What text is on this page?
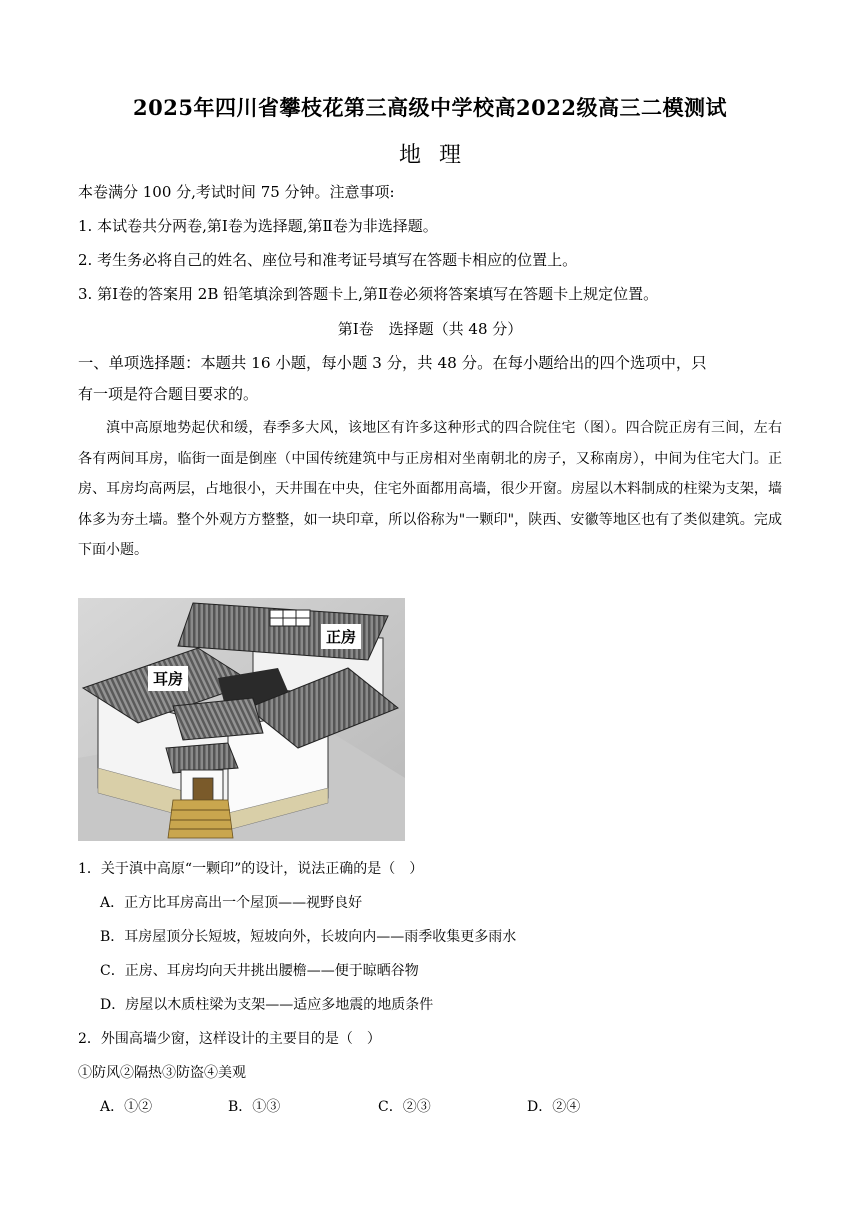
2025年四川省攀枝花第三高级中学校高2022级高三二模测试
地理
本卷满分 100 分,考试时间 75 分钟。注意事项:
1. 本试卷共分两卷,第Ⅰ卷为选择题,第Ⅱ卷为非选择题。
2. 考生务必将自己的姓名、座位号和准考证号填写在答题卡相应的位置上。
3. 第Ⅰ卷的答案用 2B 铅笔填涂到答题卡上,第Ⅱ卷必须将答案填写在答题卡上规定位置。
第Ⅰ卷　选择题（共 48 分）
一、单项选择题：本题共 16 小题，每小题 3 分，共 48 分。在每小题给出的四个选项中，只
有一项是符合题目要求的。
滇中高原地势起伏和缓，春季多大风，该地区有许多这种形式的四合院住宅（图）。四合院正房有三间，左右各有两间耳房，临街一面是倒座（中国传统建筑中与正房相对坐南朝北的房子，又称南房），中间为住宅大门。正房、耳房均高两层，占地很小，天井围在中央，住宅外面都用高墙，很少开窗。房屋以木料制成的柱梁为支架，墙体多为夯土墙。整个外观方方整整，如一块印章，所以俗称为"一颗印"，陕西、安徽等地区也有了类似建筑。完成下面小题。
正房
耳房
1．关于滇中高原“一颗印”的设计，说法正确的是（　）
A．正方比耳房高出一个屋顶——视野良好
B．耳房屋顶分长短坡，短坡向外，长坡向内——雨季收集更多雨水
C．正房、耳房均向天井挑出腰檐——便于晾晒谷物
D．房屋以木质柱梁为支架——适应多地震的地质条件
2．外围高墙少窗，这样设计的主要目的是（　）
①防风②隔热③防盗④美观
A．①②	B．①③	C．②③	D．②④
